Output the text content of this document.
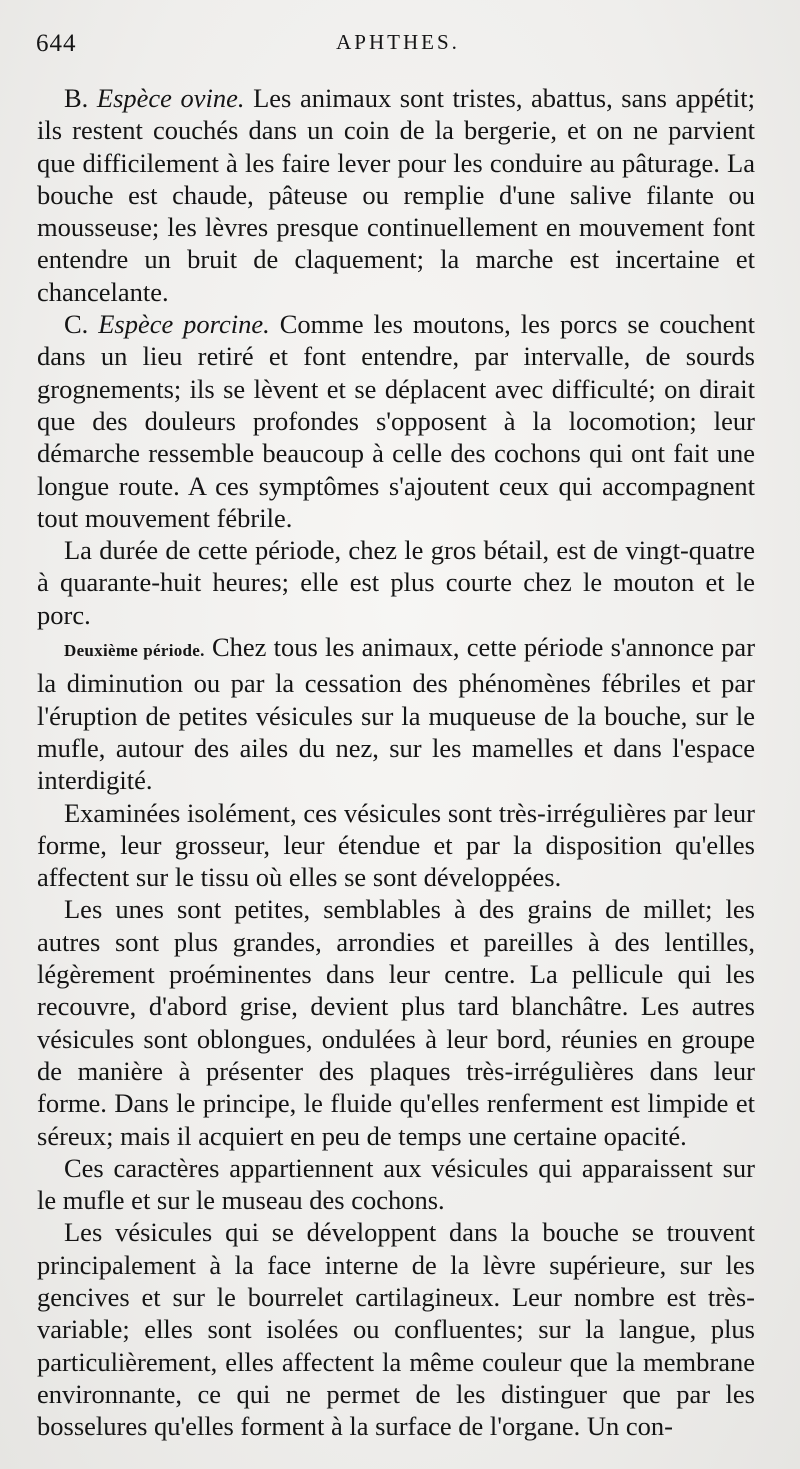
644	APHTHES.

B. Espèce ovine. Les animaux sont tristes, abattus, sans appétit; ils restent couchés dans un coin de la bergerie, et on ne parvient que difficilement à les faire lever pour les conduire au pâturage. La bouche est chaude, pâteuse ou remplie d'une salive filante ou mousseuse; les lèvres presque continuellement en mouvement font entendre un bruit de claquement; la marche est incertaine et chancelante.

C. Espèce porcine. Comme les moutons, les porcs se couchent dans un lieu retiré et font entendre, par intervalle, de sourds grognements; ils se lèvent et se déplacent avec difficulté; on dirait que des douleurs profondes s'opposent à la locomotion; leur démarche ressemble beaucoup à celle des cochons qui ont fait une longue route. A ces symptômes s'ajoutent ceux qui accompagnent tout mouvement fébrile.

La durée de cette période, chez le gros bétail, est de vingt-quatre à quarante-huit heures; elle est plus courte chez le mouton et le porc.

Deuxième période. Chez tous les animaux, cette période s'annonce par la diminution ou par la cessation des phénomènes fébriles et par l'éruption de petites vésicules sur la muqueuse de la bouche, sur le mufle, autour des ailes du nez, sur les mamelles et dans l'espace interdigité.

Examinées isolément, ces vésicules sont très-irrégulières par leur forme, leur grosseur, leur étendue et par la disposition qu'elles affectent sur le tissu où elles se sont développées.

Les unes sont petites, semblables à des grains de millet; les autres sont plus grandes, arrondies et pareilles à des lentilles, légèrement proéminentes dans leur centre. La pellicule qui les recouvre, d'abord grise, devient plus tard blanchâtre. Les autres vésicules sont oblongues, ondulées à leur bord, réunies en groupe de manière à présenter des plaques très-irrégulières dans leur forme. Dans le principe, le fluide qu'elles renferment est limpide et séreux; mais il acquiert en peu de temps une certaine opacité.

Ces caractères appartiennent aux vésicules qui apparaissent sur le mufle et sur le museau des cochons.

Les vésicules qui se développent dans la bouche se trouvent principalement à la face interne de la lèvre supérieure, sur les gencives et sur le bourrelet cartilagineux. Leur nombre est très-variable; elles sont isolées ou confluentes; sur la langue, plus particulièrement, elles affectent la même couleur que la membrane environnante, ce qui ne permet de les distinguer que par les bosselures qu'elles forment à la surface de l'organe. Un con-
